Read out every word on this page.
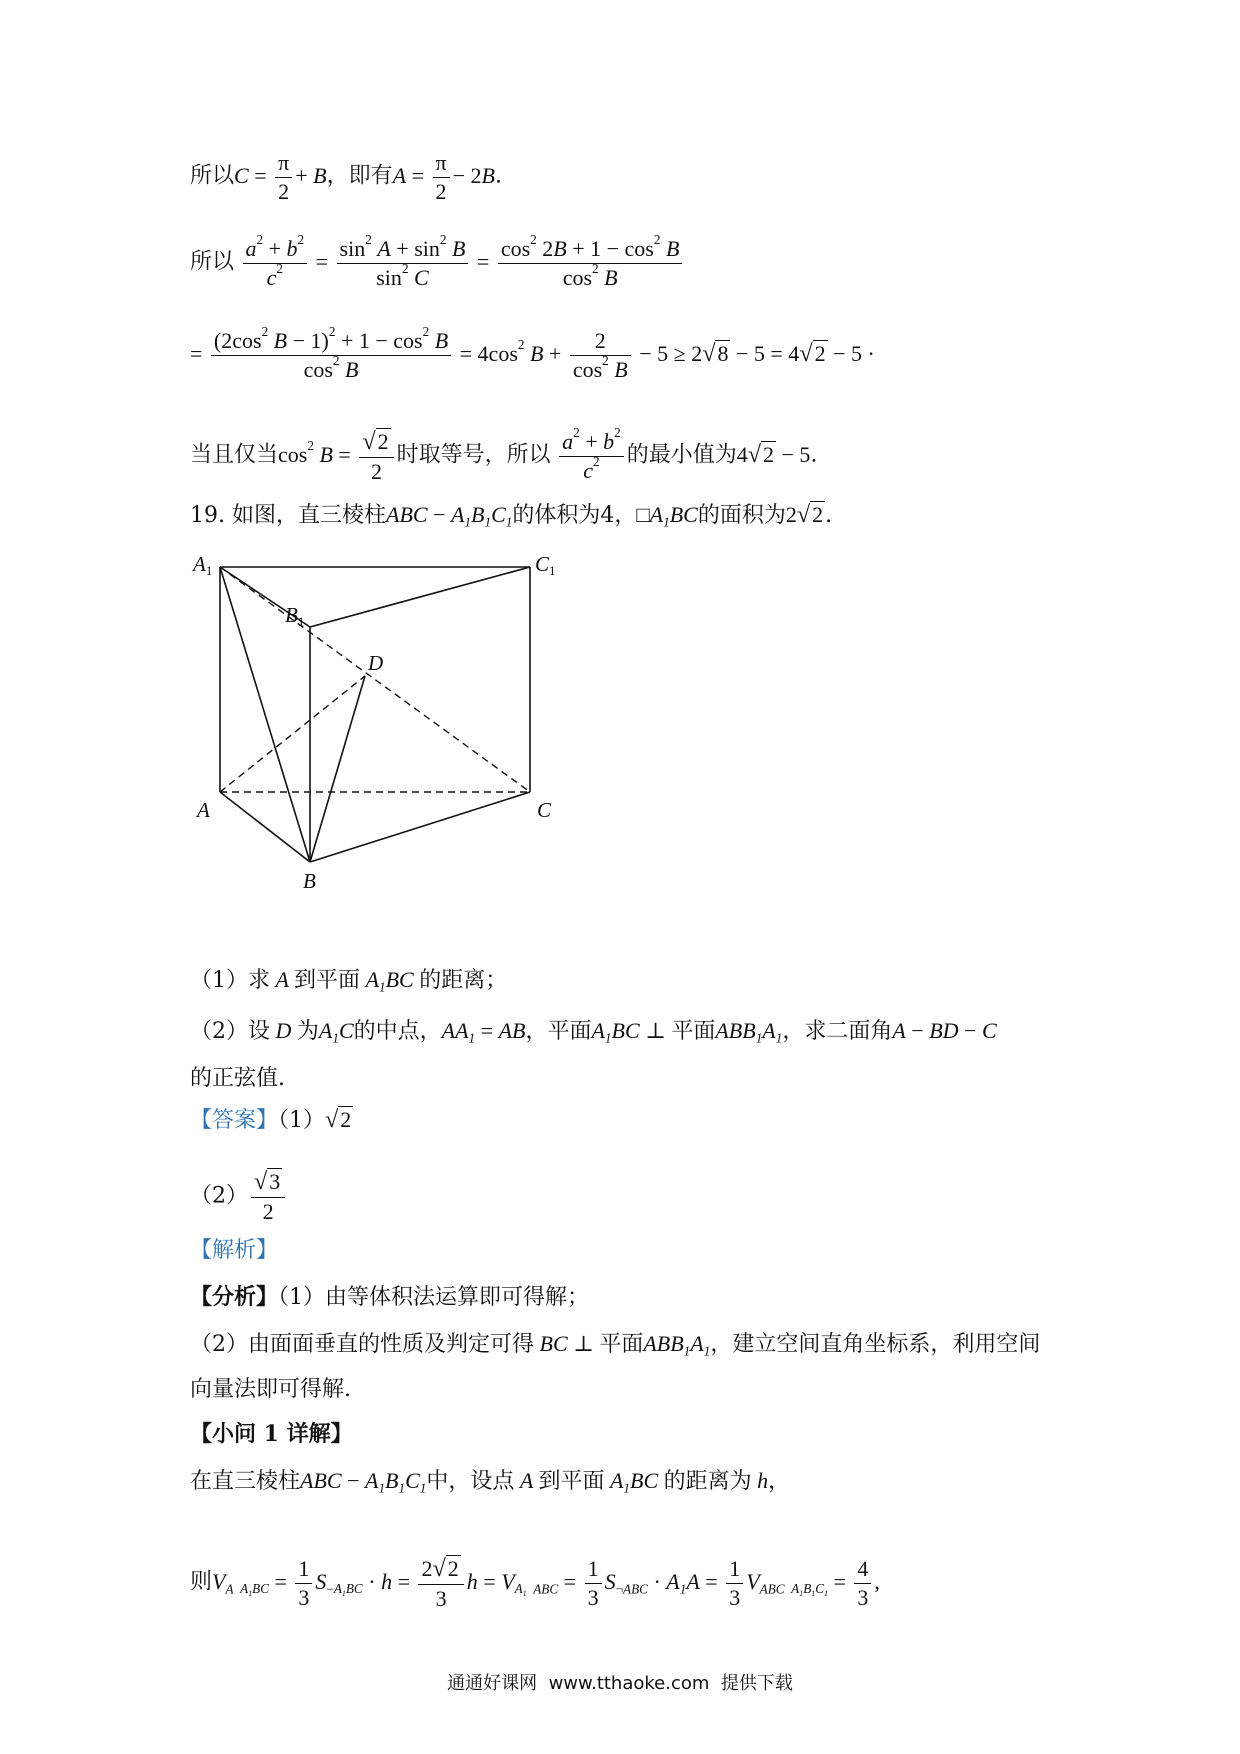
所以$C = \frac{\pi}{2} + B$，即有$A = \frac{\pi}{2} - 2B$.
所以 $\frac{a^2 + b^2}{c^2} = \frac{\sin^2 A + \sin^2 B}{\sin^2 C} = \frac{\cos^2 2B + 1 - \cos^2 B}{\cos^2 B}$
= $\frac{(2\cos^2 B - 1)^2 + 1 - \cos^2 B}{\cos^2 B} = 4\cos^2$ $B + \frac{2}{\cos^2 B} - 5 \ge 2√8 - 5 = 4√2 - 5$ ·
当且仅当$\cos^2 B = \frac{√2}{2}$ 时取等号，所以 $\frac{a^2 + b^2}{c^2}$ 的最小值为4√2 − 5.
19. 如图，直三棱柱ABC − $A_1B_1C_1$的体积为4，$□A_1BC$的面积为2√2.
A1	C1
B1
D
A	C
B
（1）求 A 到平面 $A_1BC$ 的距离；
（2）设 D 为$A_1C$的中点，$AA_1$ = AB，平面$A_1BC$ ⊥ 平面$ABB_1A_1$，求二面角A − BD − C
的正弦值.
【答案】（1）√2
$(2) \frac{√3}{2}$
【解析】
【分析】（1）由等体积法运算即可得解；
（2）由面面垂直的性质及判定可得 BC ⊥ 平面$ABB_1A_1$，建立空间直角坐标系，利用空间
向量法即可得解.
【小问 1 详解】
在直三棱柱ABC − $A_1B_1C_1$中，设点 A 到平面 $A_1BC$ 的距离为 h，
则$V_{A A_1BC} = \frac{1}{3} S_{-A_1BC} \cdot h = \frac{2√2}{3}$ $h = V_{A_1 ABC} = \frac{1}{3} S_{\neg ABC} \cdot A_1A = \frac{1}{3} V_{ABC A_1B_1C_1} = \frac{4}{3}$ ,
通通好课网  www.tthaoke.com  提供下载
